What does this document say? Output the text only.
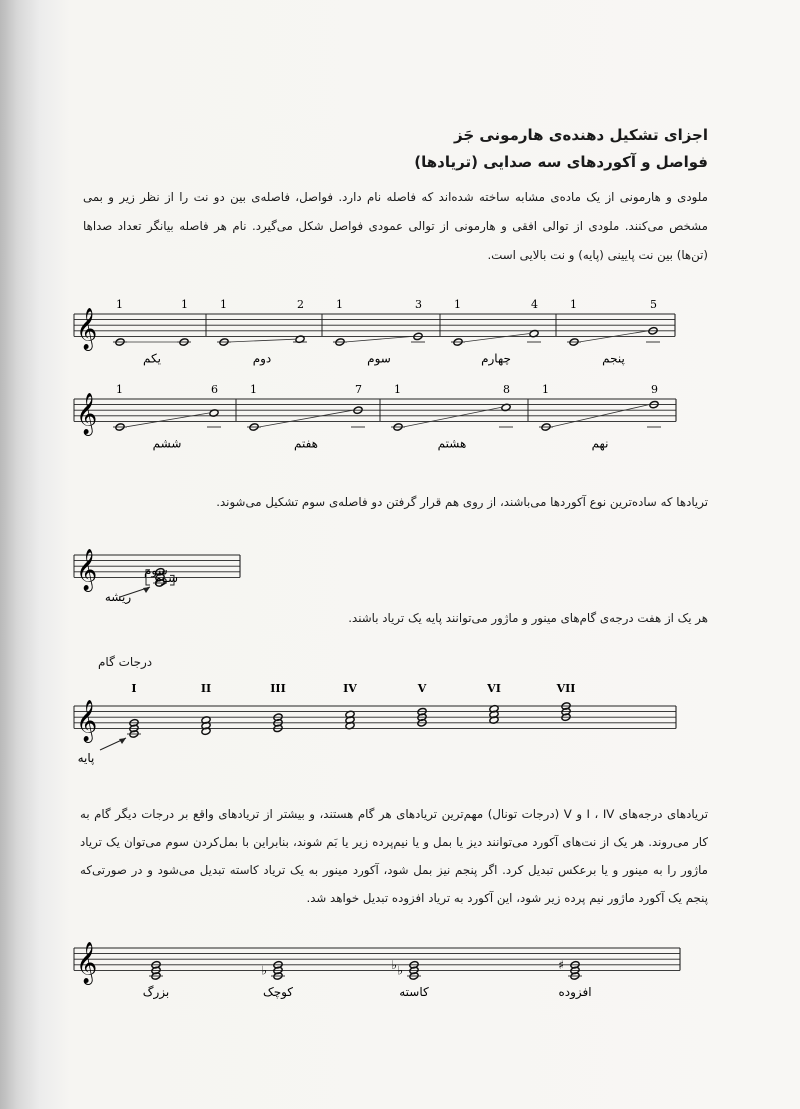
اجزای تشکیل دهنده‌ی هارمونی جَز
فواصل و آکوردهای سه صدایی (تریادها)
ملودی و هارمونی از یک ماده‌ی مشابه ساخته شده‌اند که فاصله نام دارد. فواصل، فاصله‌ی بین دو نت را از نظر زیر و بمی مشخص می‌کنند. ملودی از توالی افقی و هارمونی از توالی عمودی فواصل شکل می‌گیرد. نام هر فاصله بیانگر تعداد صداها (تن‌ها) بین نت پایینی (پایه) و نت بالایی است.
𝄞
1	1
یکم
1	2
دوم
1	3
سوم
1	4
چهارم
1	5
پنجم
𝄞
1	6
ششم
1	7
هفتم
1	8
هشتم
1	9
نهم
𝄞	سوم
سوم
ریشه
𝄞
I	II	III	IV	V	VI	VII
پایه
𝄞
بزرگ
♭
کوچک
♭
♭
کاسته
♯
افزوده
تریادها که ساده‌ترین نوع آکوردها می‌باشند، از روی هم قرار گرفتن دو فاصله‌ی سوم تشکیل می‌شوند.
هر یک از هفت درجه‌ی گام‌های مینور و ماژور می‌توانند پایه یک تریاد باشند.
درجات گام
تریادهای درجه‌های I ، IV و V (درجات تونال) مهم‌ترین تریادهای هر گام هستند، و بیشتر از تریادهای واقع بر درجات دیگر گام به کار می‌روند. هر یک از نت‌های آکورد می‌توانند دیز یا بمل و یا نیم‌پرده زیر یا بَم شوند، بنابراین با بمل‌کردن سوم می‌توان یک تریاد ماژور را به مینور و یا برعکس تبدیل کرد. اگر پنجم نیز بمل شود، آکورد مینور به یک تریاد کاسته تبدیل می‌شود و در صورتی‌که پنجم یک آکورد ماژور نیم پرده زیر شود، این آکورد به تریاد افزوده تبدیل خواهد شد.
